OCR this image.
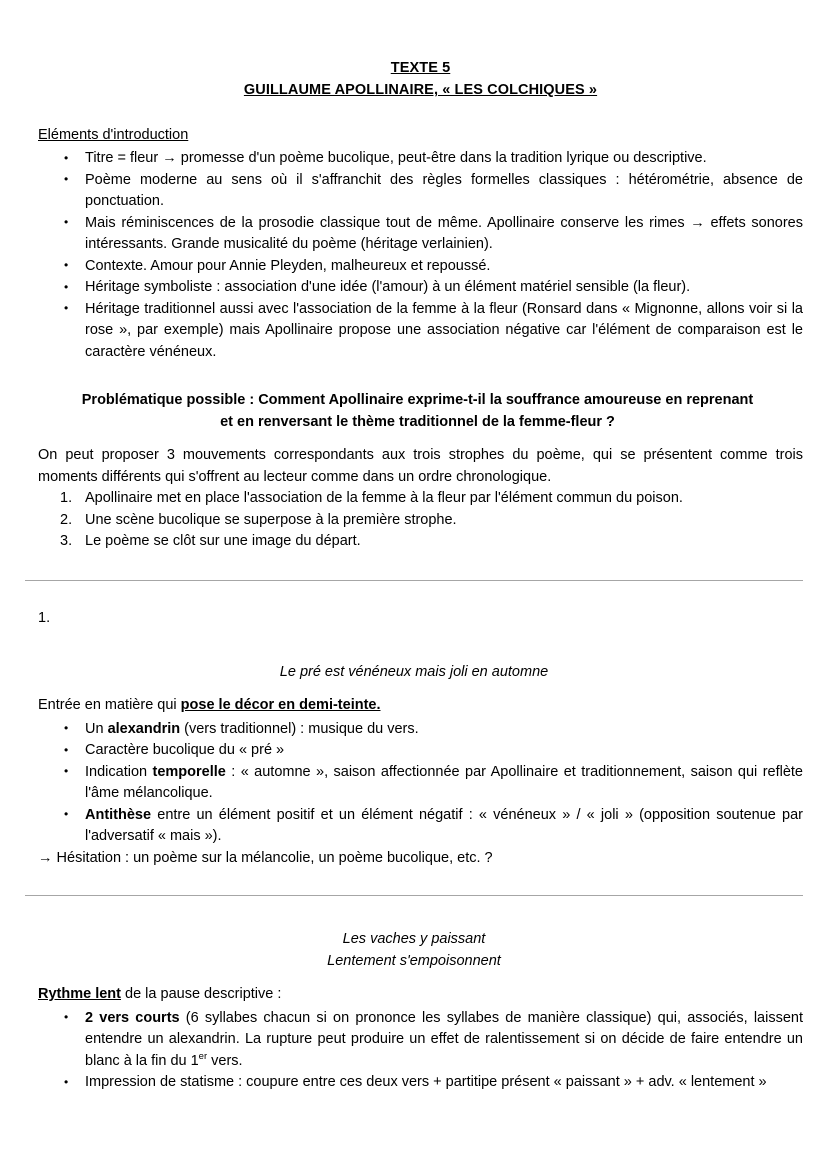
TEXTE 5
GUILLAUME APOLLINAIRE, « LES COLCHIQUES »
Eléments d'introduction
• Titre = fleur → promesse d'un poème bucolique, peut-être dans la tradition lyrique ou descriptive.
• Poème moderne au sens où il s'affranchit des règles formelles classiques : hétérométrie, absence de ponctuation.
• Mais réminiscences de la prosodie classique tout de même. Apollinaire conserve les rimes → effets sonores intéressants. Grande musicalité du poème (héritage verlainien).
• Contexte. Amour pour Annie Pleyden, malheureux et repoussé.
• Héritage symboliste : association d'une idée (l'amour) à un élément matériel sensible (la fleur).
• Héritage traditionnel aussi avec l'association de la femme à la fleur (Ronsard dans « Mignonne, allons voir si la rose », par exemple) mais Apollinaire propose une association négative car l'élément de comparaison est le caractère vénéneux.
Problématique possible : Comment Apollinaire exprime-t-il la souffrance amoureuse en reprenant et en renversant le thème traditionnel de la femme-fleur ?
On peut proposer 3 mouvements correspondants aux trois strophes du poème, qui se présentent comme trois moments différents qui s'offrent au lecteur comme dans un ordre chronologique.
Apollinaire met en place l'association de la femme à la fleur par l'élément commun du poison.
Une scène bucolique se superpose à la première strophe.
Le poème se clôt sur une image du départ.
1.
Le pré est vénéneux mais joli en automne
Entrée en matière qui pose le décor en demi-teinte.
• Un alexandrin (vers traditionnel) : musique du vers.
• Caractère bucolique du « pré »
• Indication temporelle : « automne », saison affectionnée par Apollinaire et traditionnement, saison qui reflète l'âme mélancolique.
• Antithèse entre un élément positif et un élément négatif : « vénéneux » / « joli » (opposition soutenue par l'adversatif « mais »).
→ Hésitation : un poème sur la mélancolie, un poème bucolique, etc. ?
Les vaches y paissant
Lentement s'empoisonnent
Rythme lent de la pause descriptive :
• 2 vers courts (6 syllabes chacun si on prononce les syllabes de manière classique) qui, associés, laissent entendre un alexandrin. La rupture peut produire un effet de ralentissement si on décide de faire entendre un blanc à la fin du 1er vers.
• Impression de statisme : coupure entre ces deux vers + partitipe présent « paissant » + adv. « lentement »
